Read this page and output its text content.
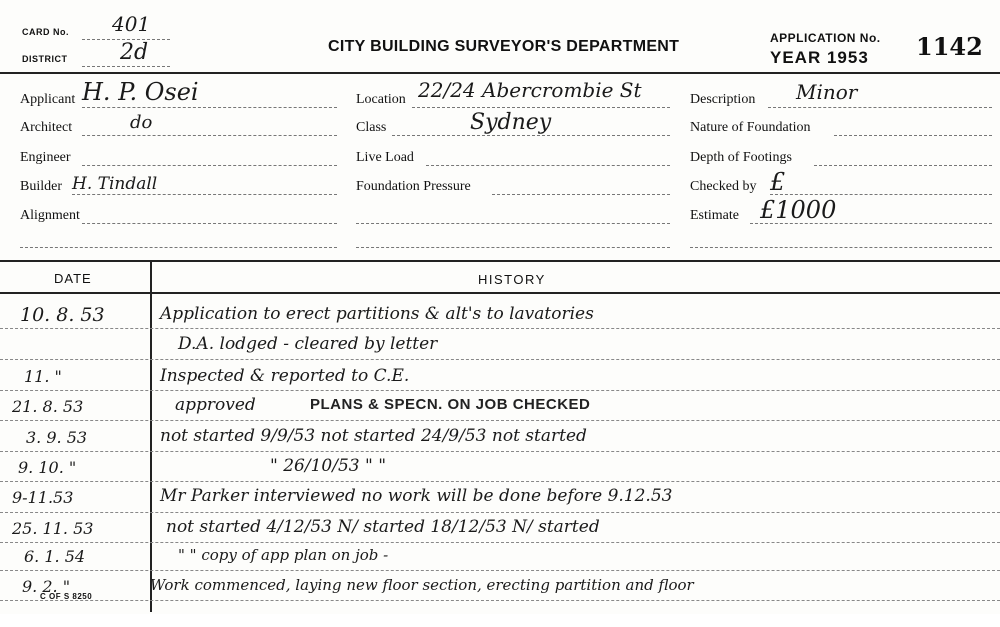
CARD No. 401
DISTRICT 2d	CITY BUILDING SURVEYOR'S DEPARTMENT	APPLICATION No. 1142
YEAR 1953
Applicant H. P. Osei
Architect	do
Engineer
Builder H. Tindall
Alignment
Location 22/24 Abercrombie St
Class	Sydney
Live Load
Foundation Pressure
Description Minor
Nature of Foundation
Depth of Footings
Checked by £
Estimate £1000
DATE	HISTORY
10. 8. 53	Application to erect partitions & alt's to lavatories
D.A. lodged - cleared by letter
11. "	Inspected & reported to C.E.
21. 8. 53	approved	PLANS & SPECN. ON JOB CHECKED
3. 9. 53	not started 9/9/53 not started 24/9/53 not started
9. 10. "	" 26/10/53 " "
9-11.53	Mr Parker interviewed no work will be done before 9.12.53
25. 11. 53	not started 4/12/53 N/ started 18/12/53 N/ started
6. 1. 54	" " copy of app plan on job -
9. 2. "	Work commenced, laying new floor section, erecting partition and floor
C OF S 8250
